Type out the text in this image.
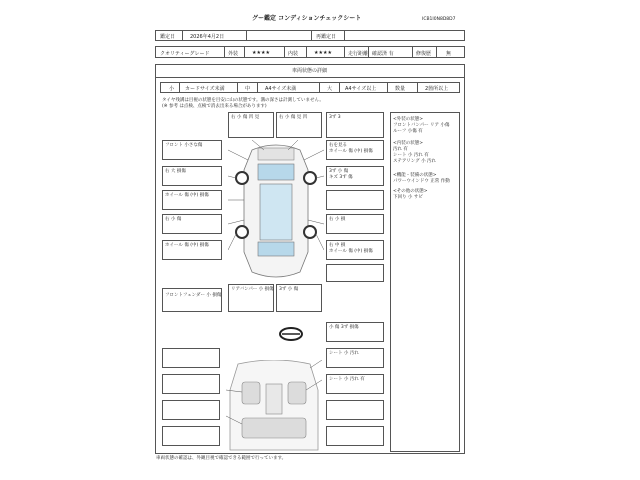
グー鑑定 コンディションチェックシート	ICB1I0N8D8D7
鑑定日	2026年4月2日	再鑑定日
クオリティーグレード	外装	★★★★	内装	★★★★	走行距離 確認済 有	修復歴	無
車両状態の詳細
小 カードサイズ未満	中	A4サイズ未満	大	A4サイズ以上	数量	2箇所以上
タイヤ残溝は目視の状態を目安に山の状態です。溝の深さは計測していません。
(※ 参考 は点検、点検で消去出来る場合があります)
フロント 小さな傷
右 大 損傷
ホイール 傷 (中) 損傷
右 小 傷
ホイール 傷 (中) 損傷
フロントフェンダー 小 損傷
右 小 傷 凹 見	右 小 傷 見 凹	3ず 3
右を見る
ホイール 傷 (中) 損傷
3ず 小 傷
キズ 3ず 傷
右 小 損
右 中 損
ホイール 傷 (中) 損傷
リアバンパー 小 損傷 3ず 小 傷
<外装の状態>
フロントバンパー リア 小傷
ルーフ 小傷 有
<内装の状態>
汚れ 有
シート 小 汚れ 有
ステアリング 小 汚れ
<機能・装備の状態>
パワーウインドウ 正常 作動
<その他の状態>
下回り 小 サビ
小 傷 3ず 損傷
シート 小 汚れ
シート 小 汚れ 有
車両状態の確認は、外観目視で確認できる範囲で行っています。
